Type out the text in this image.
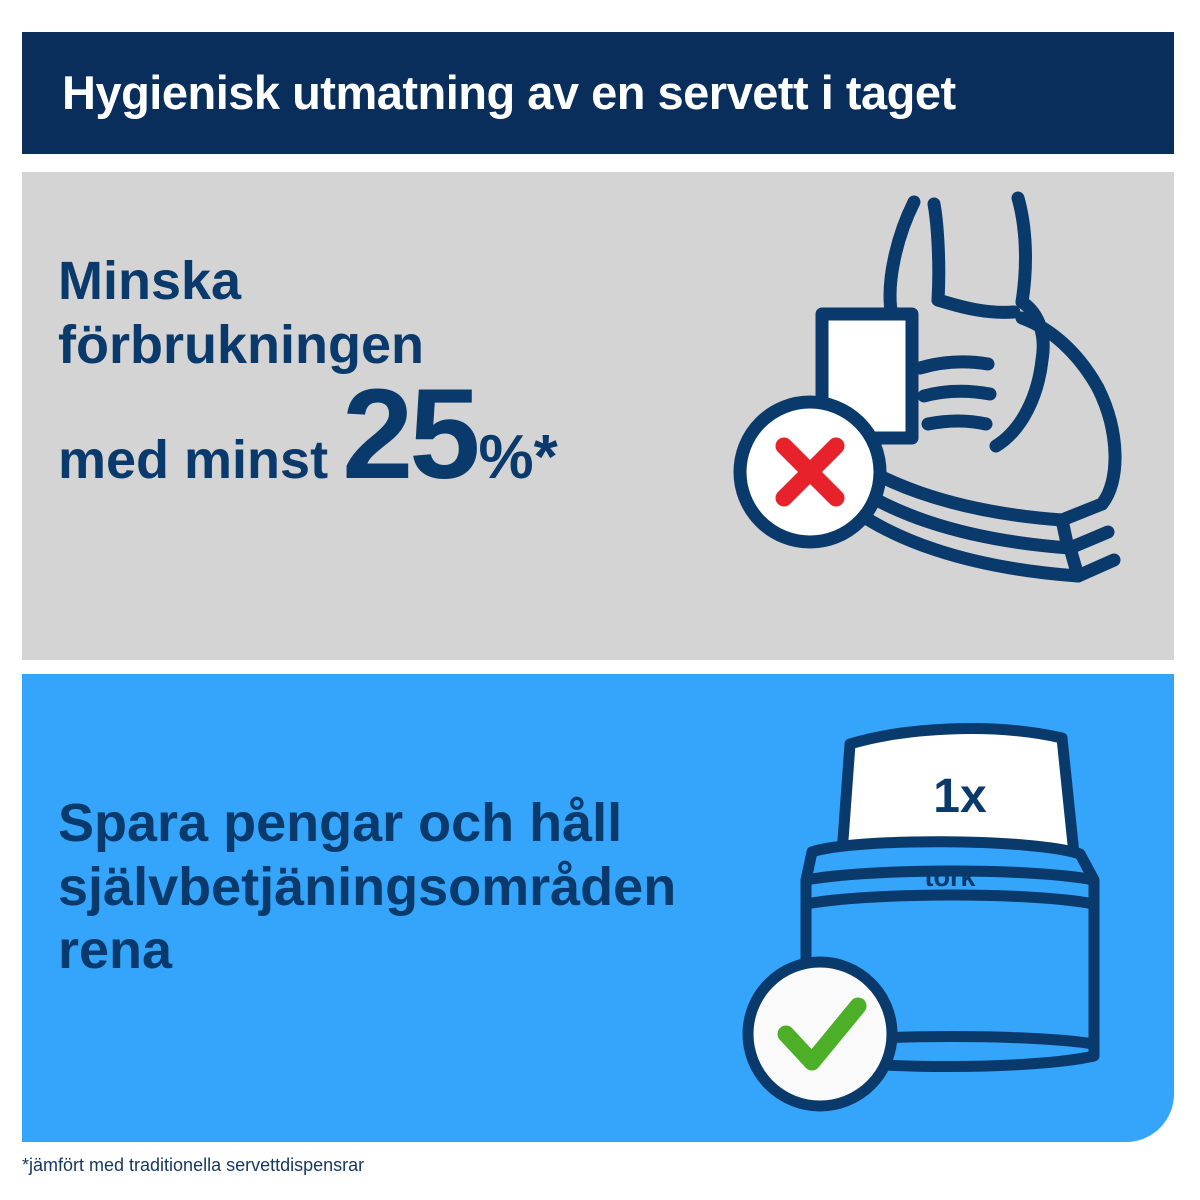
Hygienisk utmatning av en servett i taget
Minska
förbrukningen
med minst 25 % *
Spara pengar och håll
självbetjäningsområden
rena
tork
1x
*jämfört med traditionella servettdispensrar
